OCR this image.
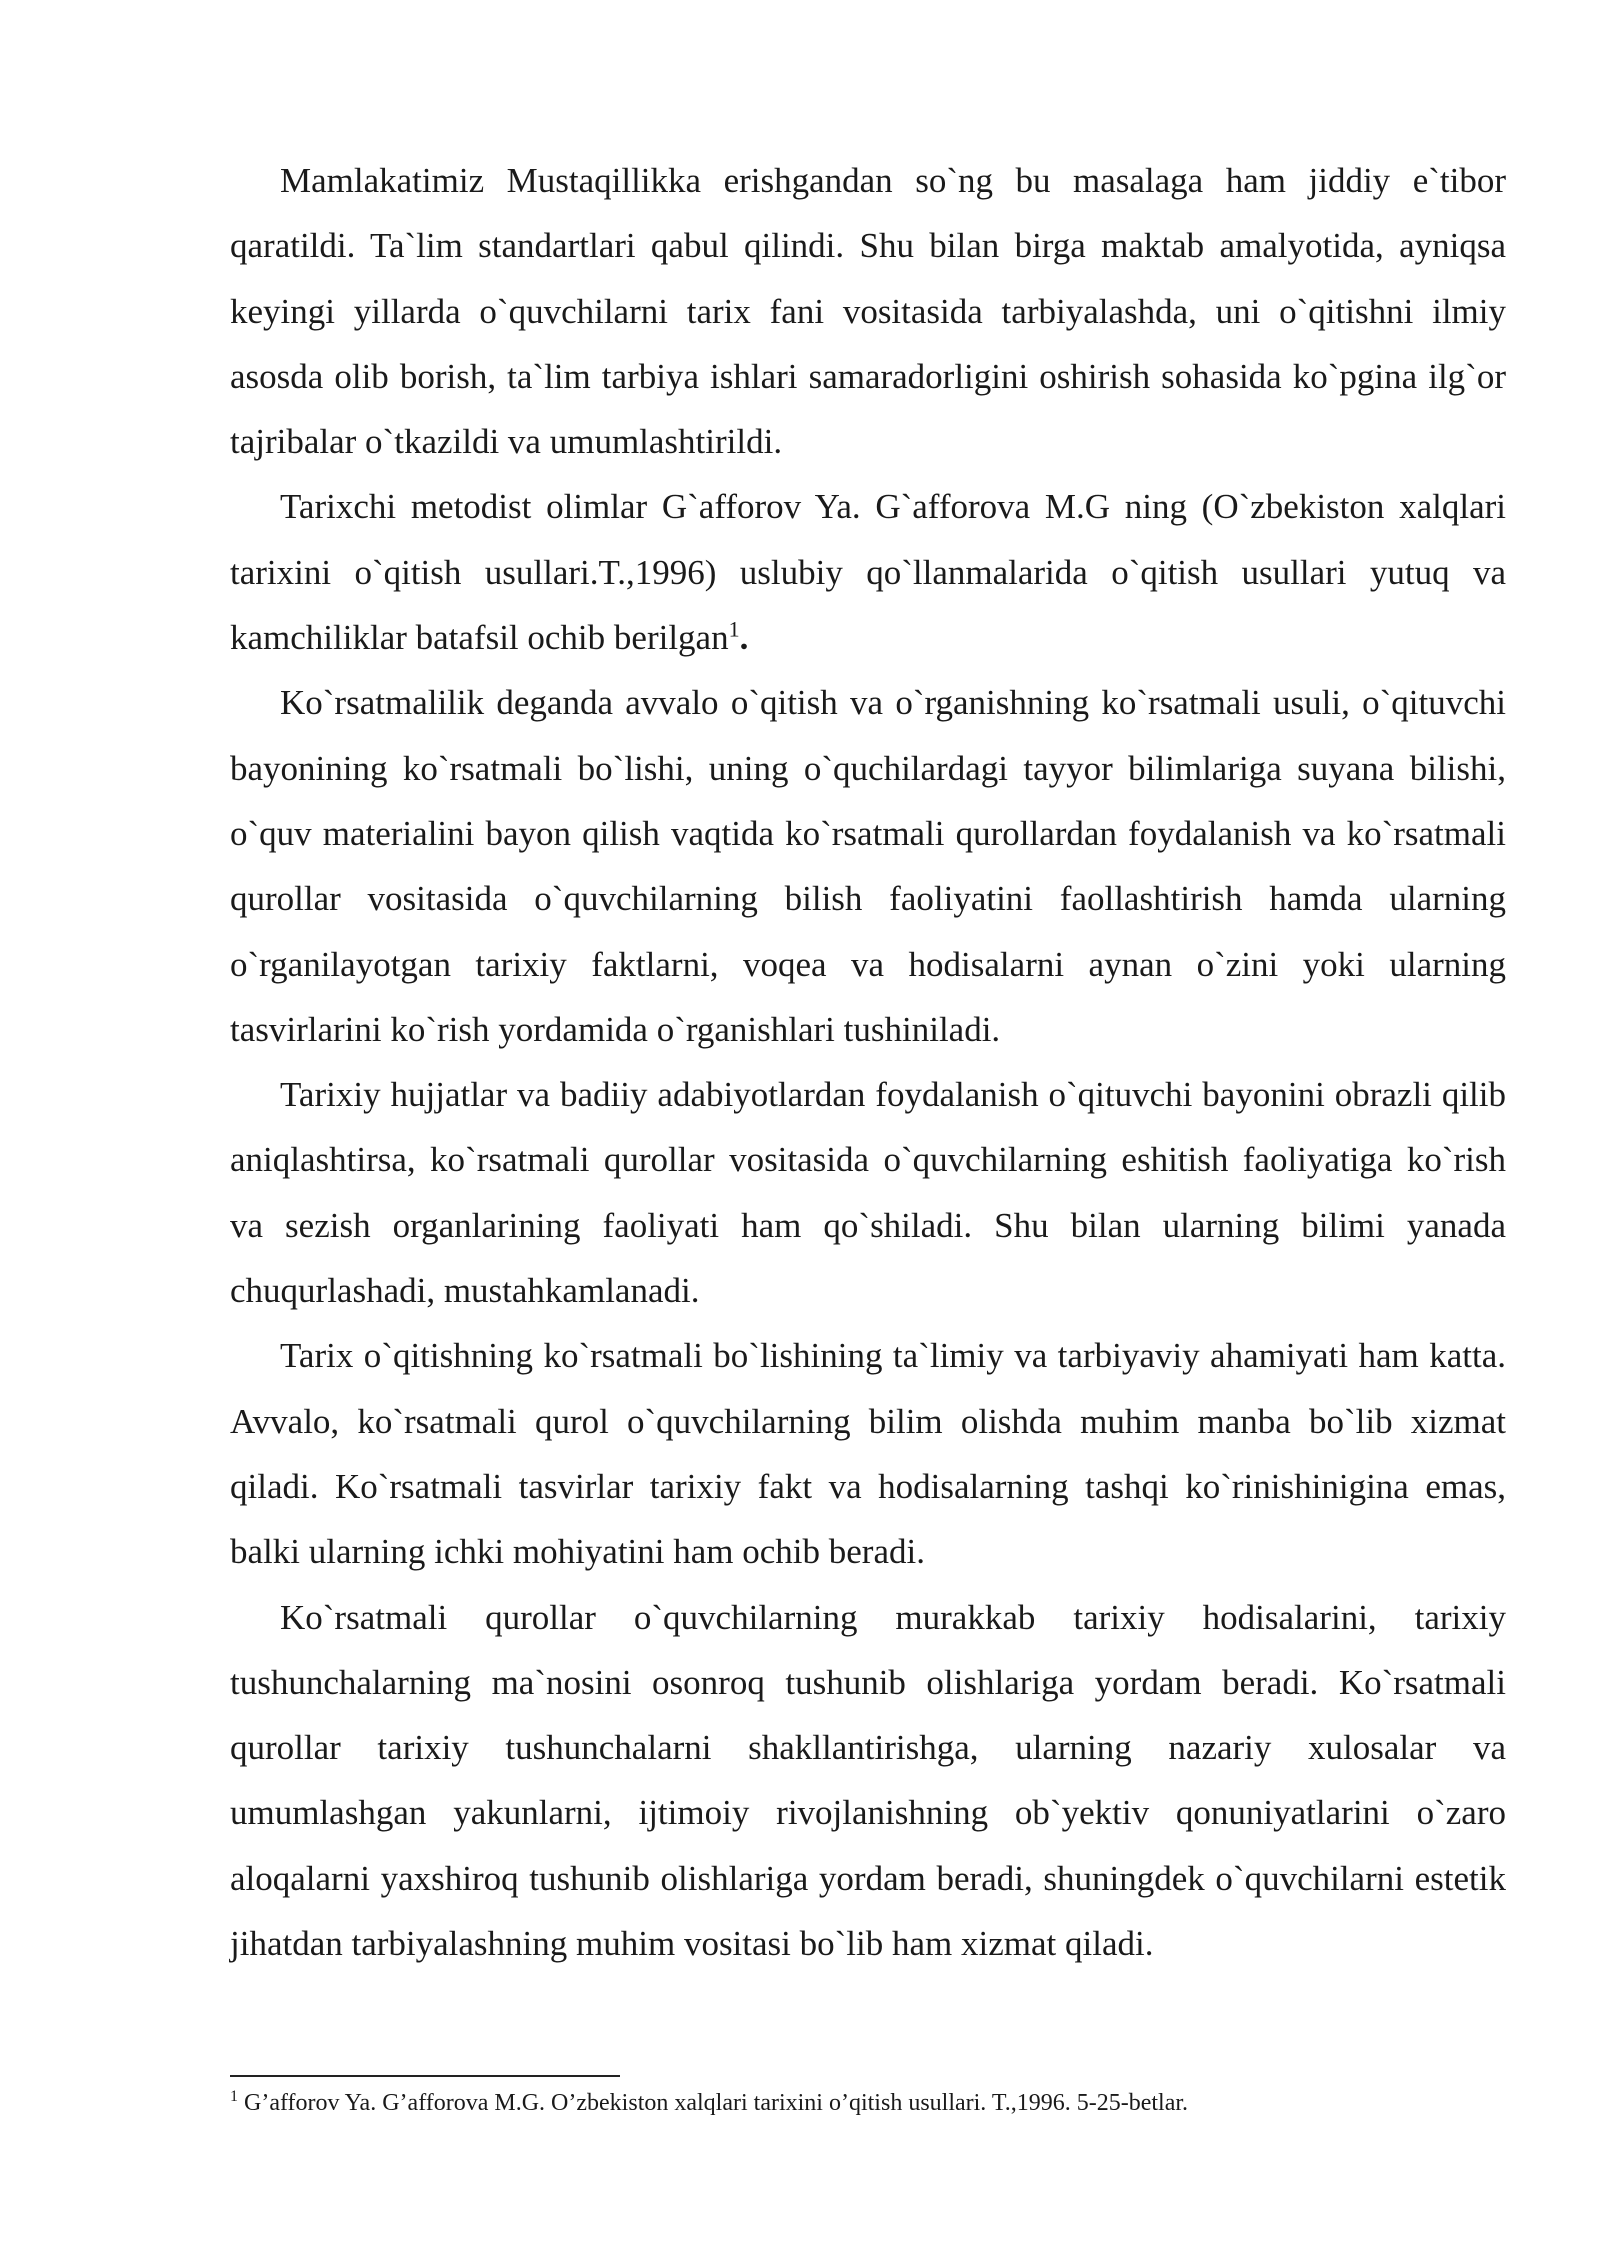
Mamlakatimiz Mustaqillikka erishgandan so`ng bu masalaga ham jiddiy e`tibor qaratildi. Ta`lim standartlari qabul qilindi. Shu bilan birga maktab amalyotida, ayniqsa keyingi yillarda o`quvchilarni tarix fani vositasida tarbiyalashda, uni o`qitishni ilmiy asosda olib borish, ta`lim tarbiya ishlari samaradorligini oshirish sohasida ko`pgina ilg`or tajribalar o`tkazildi va umumlashtirildi.

Tarixchi metodist olimlar G`afforov Ya. G`afforova M.G ning (O`zbekiston xalqlari tarixini o`qitish usullari.T.,1996) uslubiy qo`llanmalarida o`qitish usullari yutuq va kamchiliklar batafsil ochib berilgan$^1$.

Ko`rsatmalilik deganda avvalo o`qitish va o`rganishning ko`rsatmali usuli, o`qituvchi bayonining ko`rsatmali bo`lishi, uning o`quchilardagi tayyor bilimlariga suyana bilishi, o`quv materialini bayon qilish vaqtida ko`rsatmali qurollardan foydalanish va ko`rsatmali qurollar vositasida o`quvchilarning bilish faoliyatini faollashtirish hamda ularning o`rganilayotgan tarixiy faktlarni, voqea va hodisalarni aynan o`zini yoki ularning tasvirlarini ko`rish yordamida o`rganishlari tushiniladi.

Tarixiy hujjatlar va badiiy adabiyotlardan foydalanish o`qituvchi bayonini obrazli qilib aniqlashtirsa, ko`rsatmali qurollar vositasida o`quvchilarning eshitish faoliyatiga ko`rish va sezish organlarining faoliyati ham qo`shiladi. Shu bilan ularning bilimi yanada chuqurlashadi, mustahkamlanadi.

Tarix o`qitishning ko`rsatmali bo`lishining ta`limiy va tarbiyaviy ahamiyati ham katta. Avvalo, ko`rsatmali qurol o`quvchilarning bilim olishda muhim manba bo`lib xizmat qiladi. Ko`rsatmali tasvirlar tarixiy fakt va hodisalarning tashqi ko`rinishinigina emas, balki ularning ichki mohiyatini ham ochib beradi.

Ko`rsatmali qurollar o`quvchilarning murakkab tarixiy hodisalarini, tarixiy tushunchalarning ma`nosini osonroq tushunib olishlariga yordam beradi. Ko`rsatmali qurollar tarixiy tushunchalarni shakllantirishga, ularning nazariy xulosalar va umumlashgan yakunlarni, ijtimoiy rivojlanishning ob`yektiv qonuniyatlarini o`zaro aloqalarni yaxshiroq tushunib olishlariga yordam beradi, shuningdek o`quvchilarni estetik jihatdan tarbiyalashning muhim vositasi bo`lib ham xizmat qiladi.

$^1$ G’afforov Ya. G’afforova M.G. O’zbekiston xalqlari tarixini o’qitish usullari. T.,1996. 5-25-betlar.
